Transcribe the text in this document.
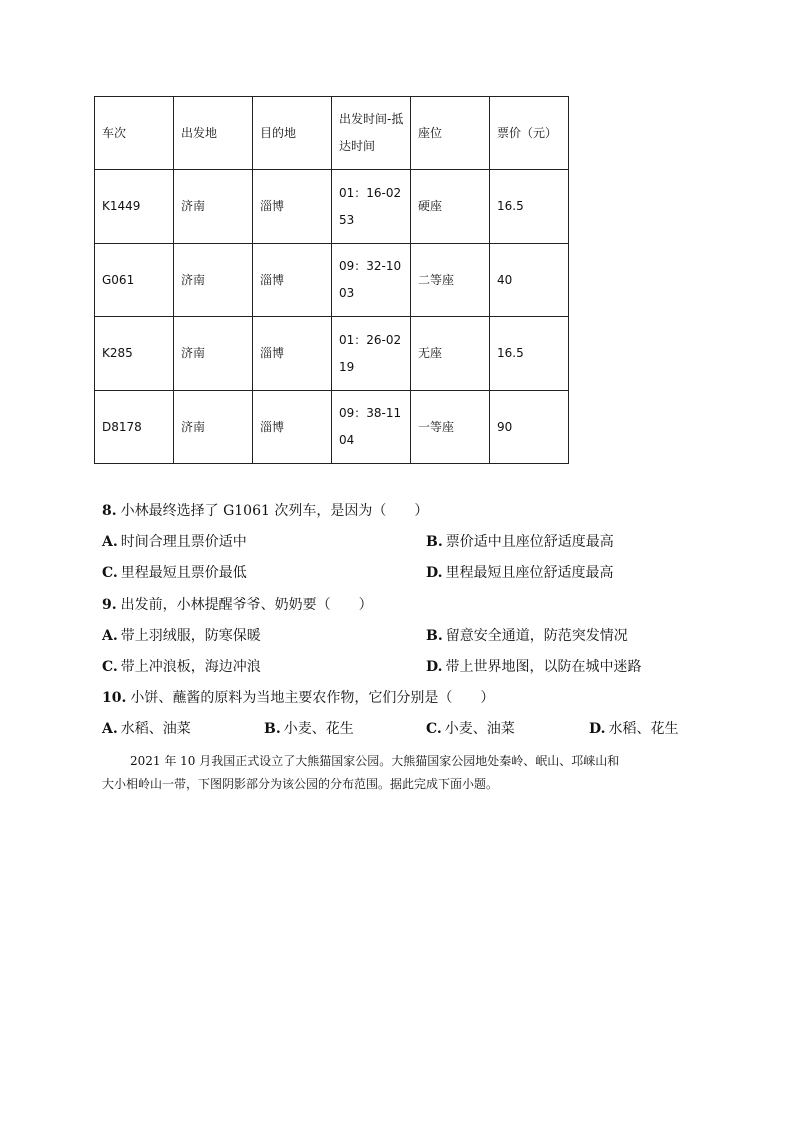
车次	出发地	目的地	出发时间-抵达时间	座位	票价（元）
K1449	济南	淄博	01：16-02 53	硬座	16.5
G061	济南	淄博	09：32-10 03	二等座	40
K285	济南	淄博	01：26-02 19	无座	16.5
D8178	济南	淄博	09：38-11 04	一等座	90
8. 小林最终选择了 G1061 次列车，是因为（　　）
A. 时间合理且票价适中	B. 票价适中且座位舒适度最高
C. 里程最短且票价最低	D. 里程最短且座位舒适度最高
9. 出发前，小林提醒爷爷、奶奶要（　　）
A. 带上羽绒服，防寒保暖	B. 留意安全通道，防范突发情况
C. 带上冲浪板，海边冲浪	D. 带上世界地图，以防在城中迷路
10. 小饼、蘸酱的原料为当地主要农作物，它们分别是（　　）
A. 水稻、油菜	B. 小麦、花生	C. 小麦、油菜	D. 水稻、花生
2021 年 10 月我国正式设立了大熊猫国家公园。大熊猫国家公园地处秦岭、岷山、邛崃山和
大小相岭山一带，下图阴影部分为该公园的分布范围。据此完成下面小题。
